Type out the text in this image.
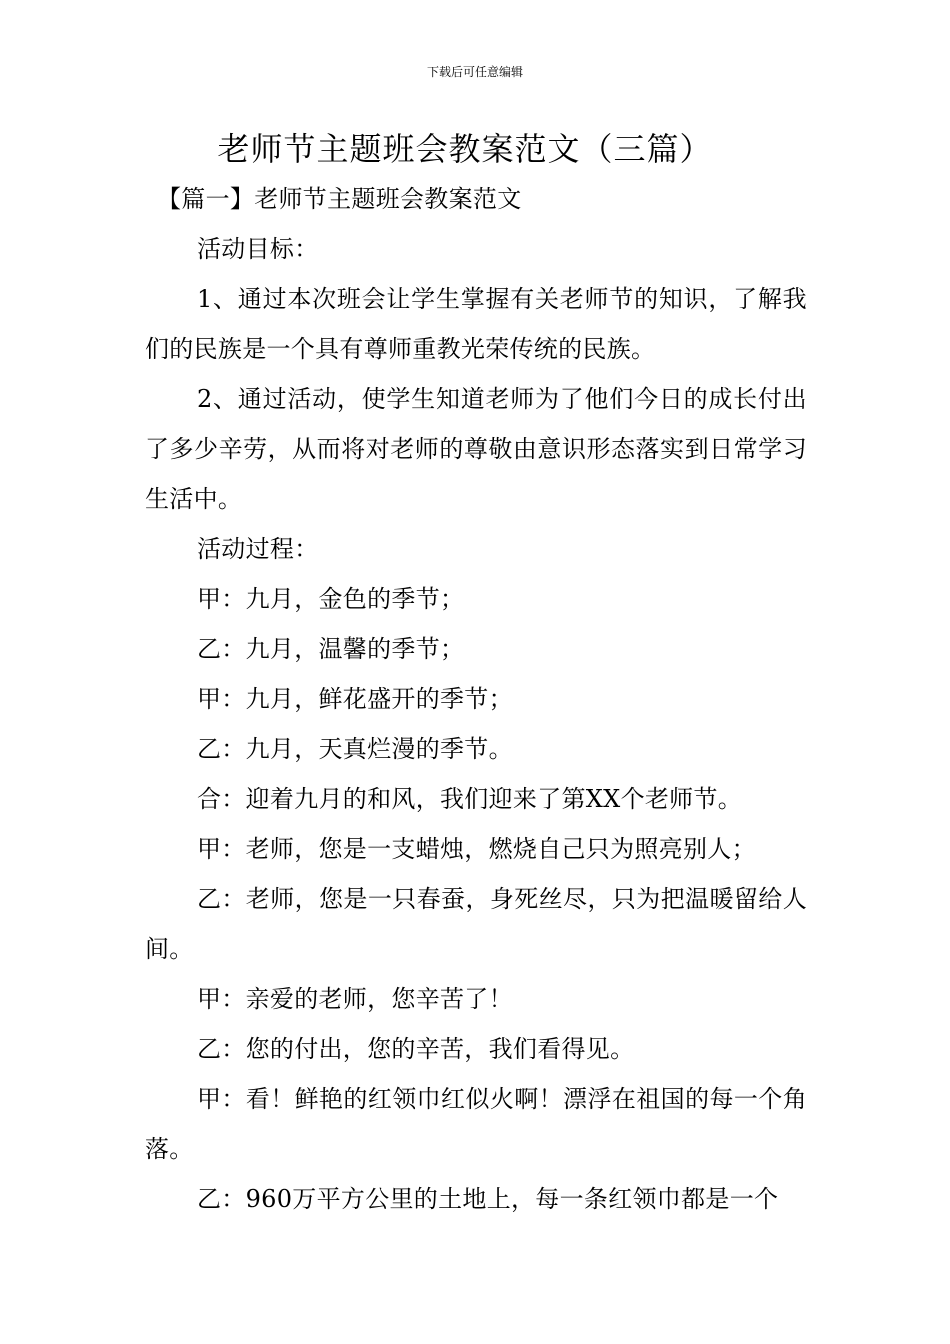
下载后可任意编辑
老师节主题班会教案范文（三篇）

【篇一】老师节主题班会教案范文

活动目标：

1、通过本次班会让学生掌握有关老师节的知识，了解我们的民族是一个具有尊师重教光荣传统的民族。

2、通过活动，使学生知道老师为了他们今日的成长付出了多少辛劳，从而将对老师的尊敬由意识形态落实到日常学习生活中。

活动过程：

甲：九月，金色的季节；

乙：九月，温馨的季节；

甲：九月，鲜花盛开的季节；

乙：九月，天真烂漫的季节。

合：迎着九月的和风，我们迎来了第XX个老师节。

甲：老师，您是一支蜡烛，燃烧自己只为照亮别人；

乙：老师，您是一只春蚕，身死丝尽，只为把温暖留给人间。

甲：亲爱的老师，您辛苦了！

乙：您的付出，您的辛苦，我们看得见。

甲：看！鲜艳的红领巾红似火啊！漂浮在祖国的每一个角落。

乙：960万平方公里的土地上，每一条红领巾都是一个
